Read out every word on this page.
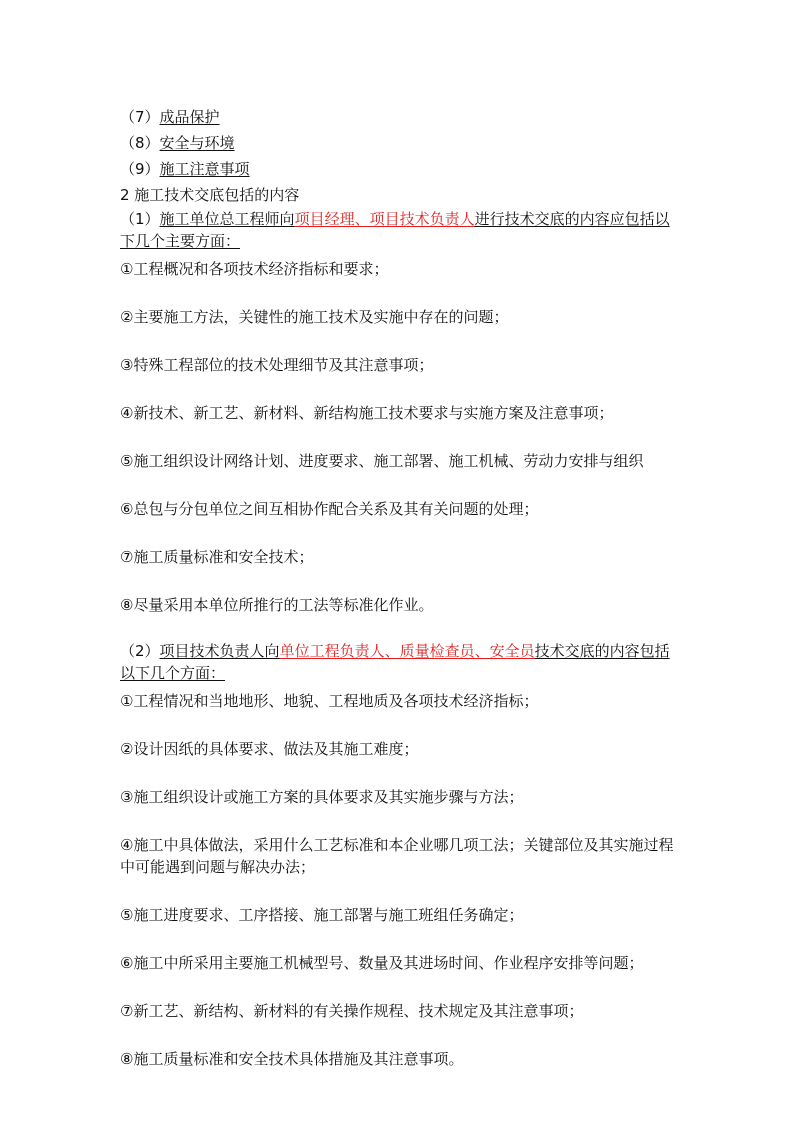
（7）成品保护
（8）安全与环境
（9）施工注意事项
2 施工技术交底包括的内容

（1）施工单位总工程师向项目经理、项目技术负责人进行技术交底的内容应包括以下几个主要方面：

①工程概况和各项技术经济指标和要求；
②主要施工方法，关键性的施工技术及实施中存在的问题；
③特殊工程部位的技术处理细节及其注意事项；
④新技术、新工艺、新材料、新结构施工技术要求与实施方案及注意事项；
⑤施工组织设计网络计划、进度要求、施工部署、施工机械、劳动力安排与组织
⑥总包与分包单位之间互相协作配合关系及其有关问题的处理；
⑦施工质量标准和安全技术；
⑧尽量采用本单位所推行的工法等标准化作业。

（2）项目技术负责人向单位工程负责人、质量检查员、安全员技术交底的内容包括以下几个方面：

①工程情况和当地地形、地貌、工程地质及各项技术经济指标；
②设计因纸的具体要求、做法及其施工难度；
③施工组织设计或施工方案的具体要求及其实施步骤与方法；
④施工中具体做法，采用什么工艺标准和本企业哪几项工法；关键部位及其实施过程中可能遇到问题与解决办法；
⑤施工进度要求、工序搭接、施工部署与施工班组任务确定；
⑥施工中所采用主要施工机械型号、数量及其进场时间、作业程序安排等问题；
⑦新工艺、新结构、新材料的有关操作规程、技术规定及其注意事项；
⑧施工质量标准和安全技术具体措施及其注意事项。
